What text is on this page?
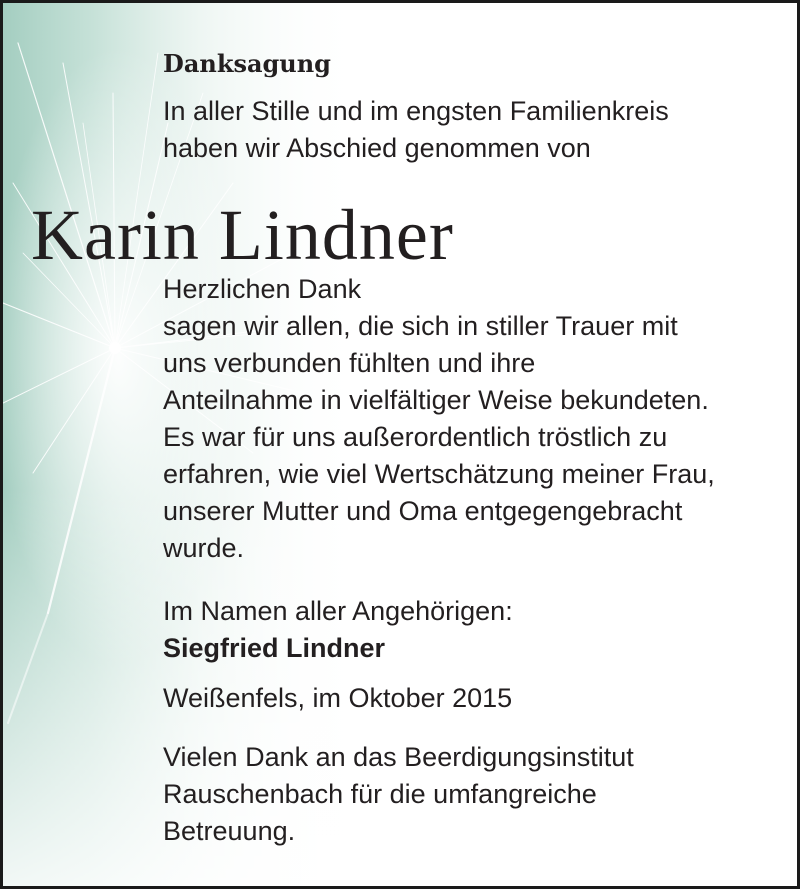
Karin Lindner
Danksagung
In aller Stille und im engsten Familienkreis
haben wir Abschied genommen von
Herzlichen Dank
sagen wir allen, die sich in stiller Trauer mit
uns verbunden fühlten und ihre
Anteilnahme in vielfältiger Weise bekundeten.
Es war für uns außerordentlich tröstlich zu
erfahren, wie viel Wertschätzung meiner Frau,
unserer Mutter und Oma entgegengebracht
wurde.
Im Namen aller Angehörigen:
Siegfried Lindner
Weißenfels, im Oktober 2015
Vielen Dank an das Beerdigungsinstitut
Rauschenbach für die umfangreiche
Betreuung.
